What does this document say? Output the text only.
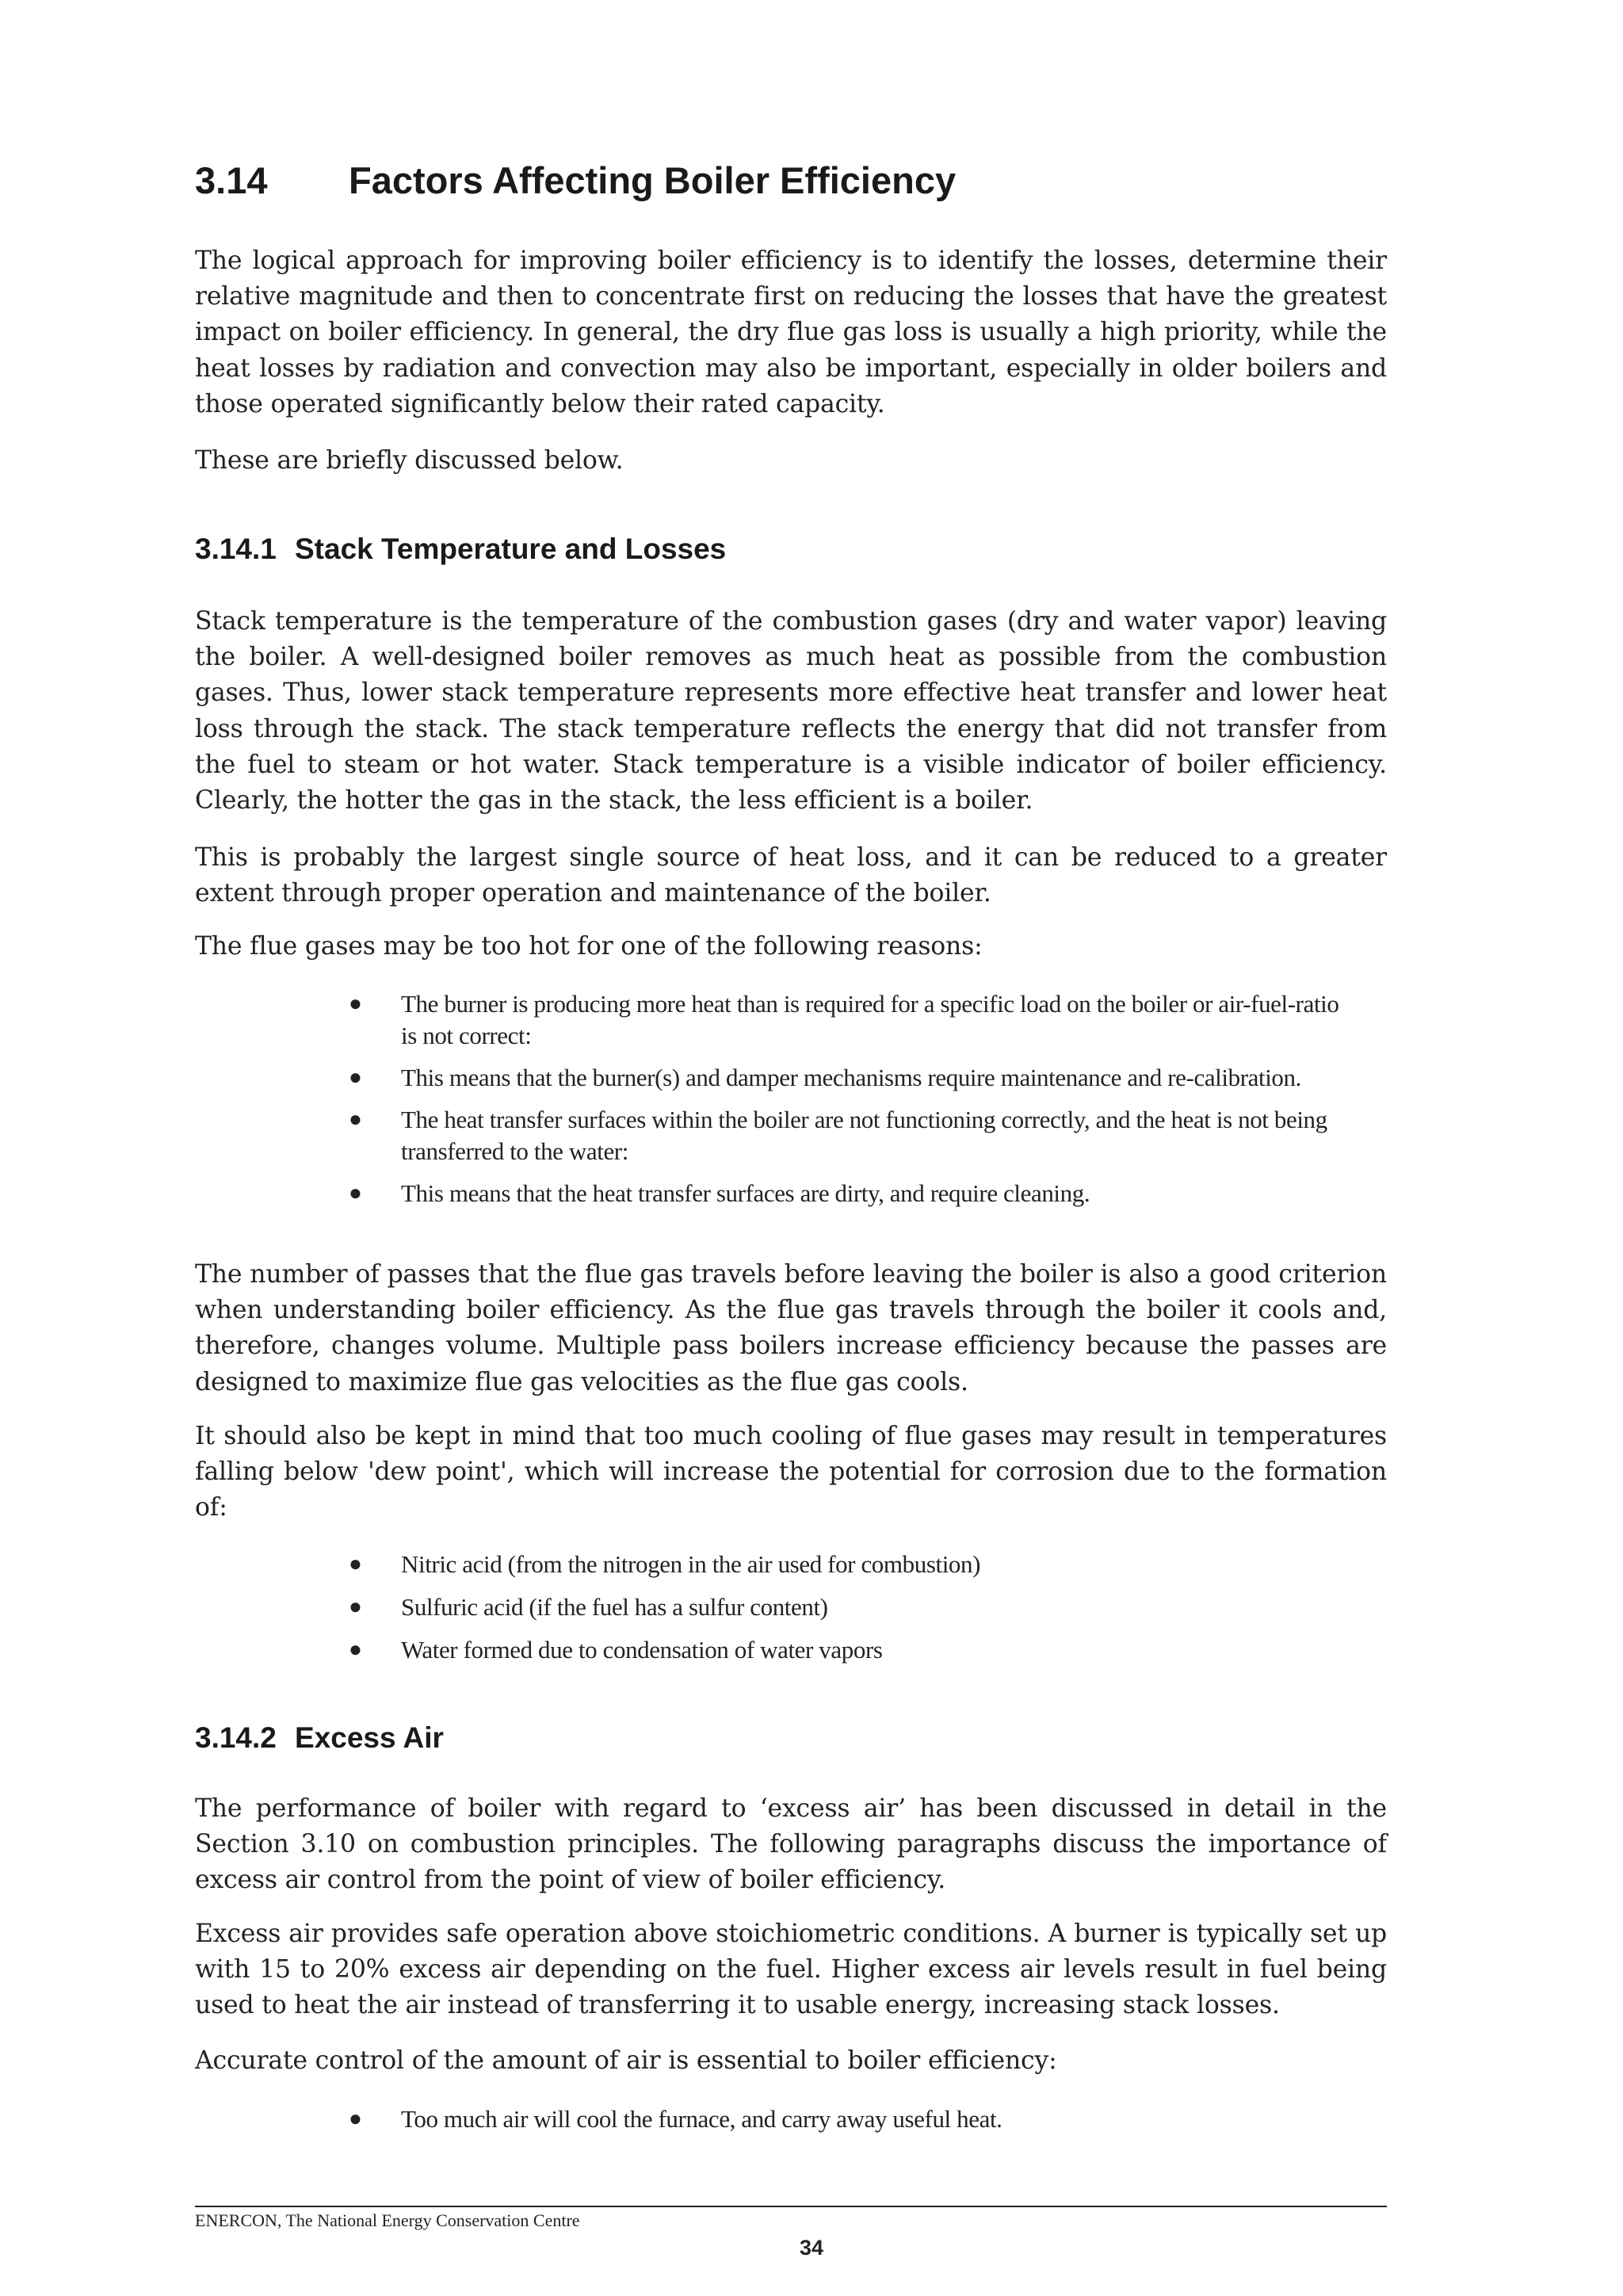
3.14 Factors Affecting Boiler Efficiency

The logical approach for improving boiler efficiency is to identify the losses, determine their relative magnitude and then to concentrate first on reducing the losses that have the greatest impact on boiler efficiency. In general, the dry flue gas loss is usually a high priority, while the heat losses by radiation and convection may also be important, especially in older boilers and those operated significantly below their rated capacity.

These are briefly discussed below.

3.14.1 Stack Temperature and Losses

Stack temperature is the temperature of the combustion gases (dry and water vapor) leaving the boiler. A well-designed boiler removes as much heat as possible from the combustion gases. Thus, lower stack temperature represents more effective heat transfer and lower heat loss through the stack. The stack temperature reflects the energy that did not transfer from the fuel to steam or hot water. Stack temperature is a visible indicator of boiler efficiency. Clearly, the hotter the gas in the stack, the less efficient is a boiler.

This is probably the largest single source of heat loss, and it can be reduced to a greater extent through proper operation and maintenance of the boiler.

The flue gases may be too hot for one of the following reasons:

● The burner is producing more heat than is required for a specific load on the boiler or air-fuel-ratio is not correct:
● This means that the burner(s) and damper mechanisms require maintenance and re-calibration.
● The heat transfer surfaces within the boiler are not functioning correctly, and the heat is not being transferred to the water:
● This means that the heat transfer surfaces are dirty, and require cleaning.

The number of passes that the flue gas travels before leaving the boiler is also a good criterion when understanding boiler efficiency. As the flue gas travels through the boiler it cools and, therefore, changes volume. Multiple pass boilers increase efficiency because the passes are designed to maximize flue gas velocities as the flue gas cools.

It should also be kept in mind that too much cooling of flue gases may result in temperatures falling below 'dew point', which will increase the potential for corrosion due to the formation of:

● Nitric acid (from the nitrogen in the air used for combustion)
● Sulfuric acid (if the fuel has a sulfur content)
● Water formed due to condensation of water vapors
3.14.2 Excess Air

The performance of boiler with regard to ‘excess air’ has been discussed in detail in the Section 3.10 on combustion principles. The following paragraphs discuss the importance of excess air control from the point of view of boiler efficiency.

Excess air provides safe operation above stoichiometric conditions. A burner is typically set up with 15 to 20% excess air depending on the fuel. Higher excess air levels result in fuel being used to heat the air instead of transferring it to usable energy, increasing stack losses.

Accurate control of the amount of air is essential to boiler efficiency:

● Too much air will cool the furnace, and carry away useful heat.
ENERCON, The National Energy Conservation Centre
34
